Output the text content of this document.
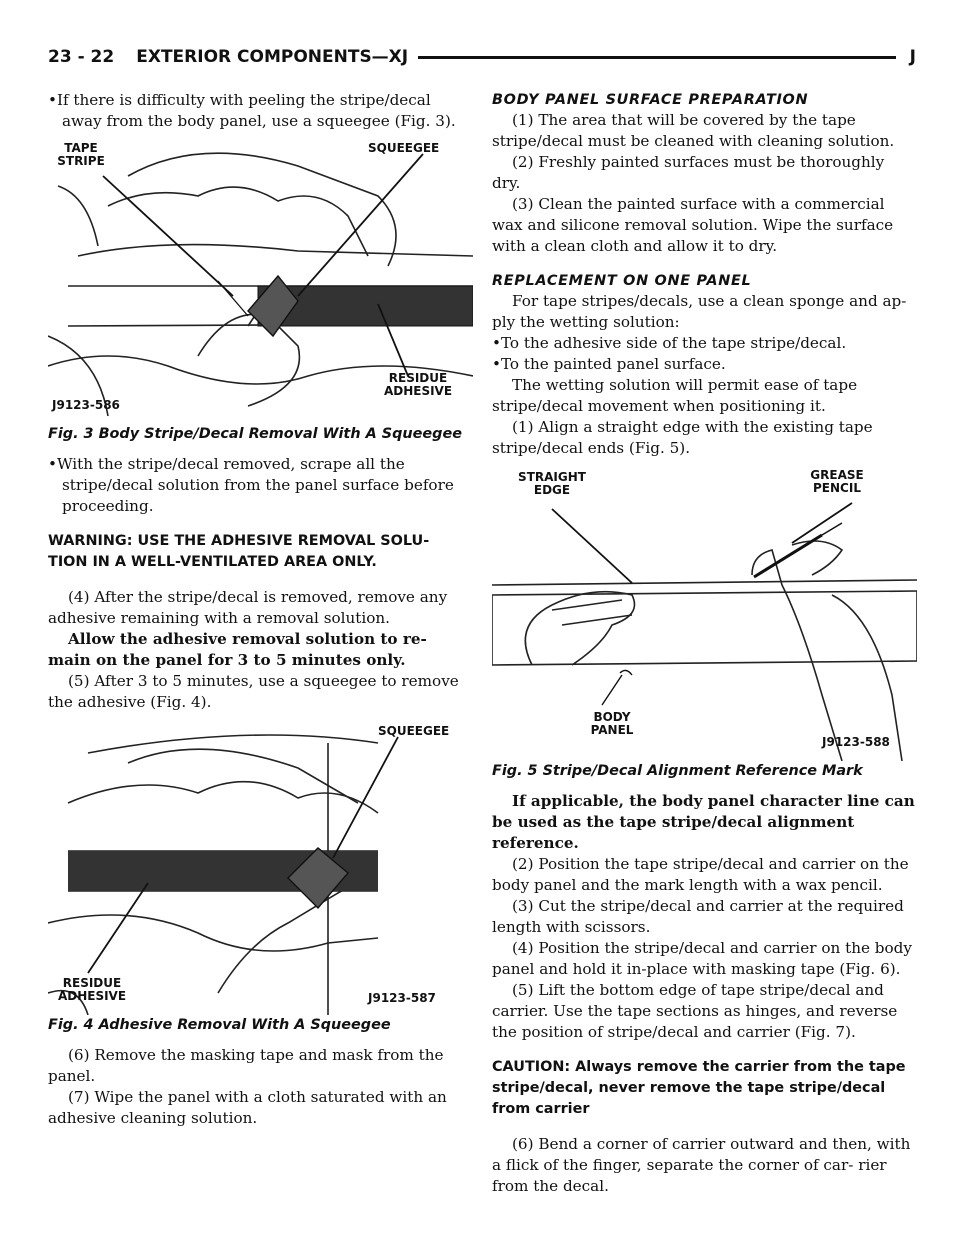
23 - 22 EXTERIOR COMPONENTS—XJ	J

•If there is difficulty with peeling the stripe/decal away from the body panel, use a squeegee (Fig. 3).

TAPE STRIPE
SQUEEGEE
RESIDUE ADHESIVE
J9123-586
Fig. 3 Body Stripe/Decal Removal With A Squeegee

•With the stripe/decal removed, scrape all the stripe/decal solution from the panel surface before proceeding.

WARNING: USE THE ADHESIVE REMOVAL SOLU- TION IN A WELL-VENTILATED AREA ONLY.

(4) After the stripe/decal is removed, remove any adhesive remaining with a removal solution.

Allow the adhesive removal solution to re- main on the panel for 3 to 5 minutes only.

(5) After 3 to 5 minutes, use a squeegee to remove the adhesive (Fig. 4).

SQUEEGEE
RESIDUE ADHESIVE	J9123-587
Fig. 4 Adhesive Removal With A Squeegee

(6) Remove the masking tape and mask from the panel.

(7) Wipe the panel with a cloth saturated with an adhesive cleaning solution.

BODY PANEL SURFACE PREPARATION

(1) The area that will be covered by the tape stripe/decal must be cleaned with cleaning solution.

(2) Freshly painted surfaces must be thoroughly dry.

(3) Clean the painted surface with a commercial wax and silicone removal solution. Wipe the surface with a clean cloth and allow it to dry.

REPLACEMENT ON ONE PANEL

For tape stripes/decals, use a clean sponge and ap- ply the wetting solution:

•To the adhesive side of the tape stripe/decal.

•To the painted panel surface.

The wetting solution will permit ease of tape stripe/decal movement when positioning it.

(1) Align a straight edge with the existing tape stripe/decal ends (Fig. 5).

STRAIGHT EDGE
GREASE PENCIL
BODY PANEL
J9123-588
Fig. 5 Stripe/Decal Alignment Reference Mark

If applicable, the body panel character line can be used as the tape stripe/decal alignment reference.

(2) Position the tape stripe/decal and carrier on the body panel and the mark length with a wax pencil.

(3) Cut the stripe/decal and carrier at the required length with scissors.

(4) Position the stripe/decal and carrier on the body panel and hold it in-place with masking tape (Fig. 6).

(5) Lift the bottom edge of tape stripe/decal and carrier. Use the tape sections as hinges, and reverse the position of stripe/decal and carrier (Fig. 7).

CAUTION: Always remove the carrier from the tape stripe/decal, never remove the tape stripe/decal from carrier

(6) Bend a corner of carrier outward and then, with a flick of the finger, separate the corner of car- rier from the decal.
